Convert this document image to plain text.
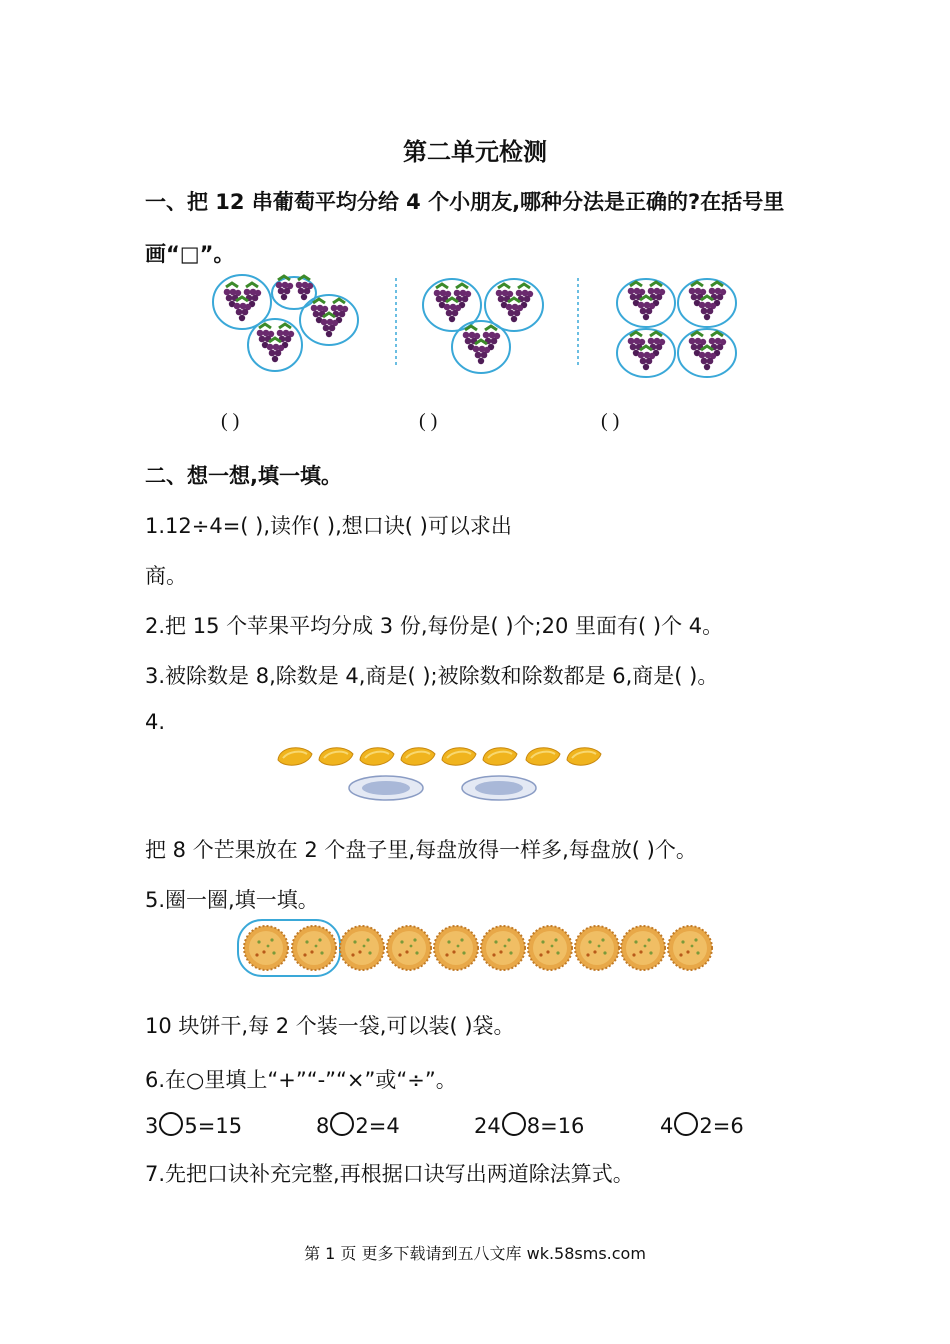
第二单元检测
一、把 12 串葡萄平均分给 4 个小朋友,哪种分法是正确的?在括号里
画“□”。
( )	( )	( )
二、想一想,填一填。
1.12÷4=( ),读作( ),想口诀( )可以求出
商。
2.把 15 个苹果平均分成 3 份,每份是( )个;20 里面有( )个 4。
3.被除数是 8,除数是 4,商是( );被除数和除数都是 6,商是( )。
4.
把 8 个芒果放在 2 个盘子里,每盘放得一样多,每盘放( )个。
5.圈一圈,填一填。
10 块饼干,每 2 个装一袋,可以装( )袋。
6.在○里填上“+”“-”“×”或“÷”。
3 5=15	8 2=4	24 8=16	4 2=6
7.先把口诀补充完整,再根据口诀写出两道除法算式。
第 1 页 更多下载请到五八文库 wk.58sms.com
